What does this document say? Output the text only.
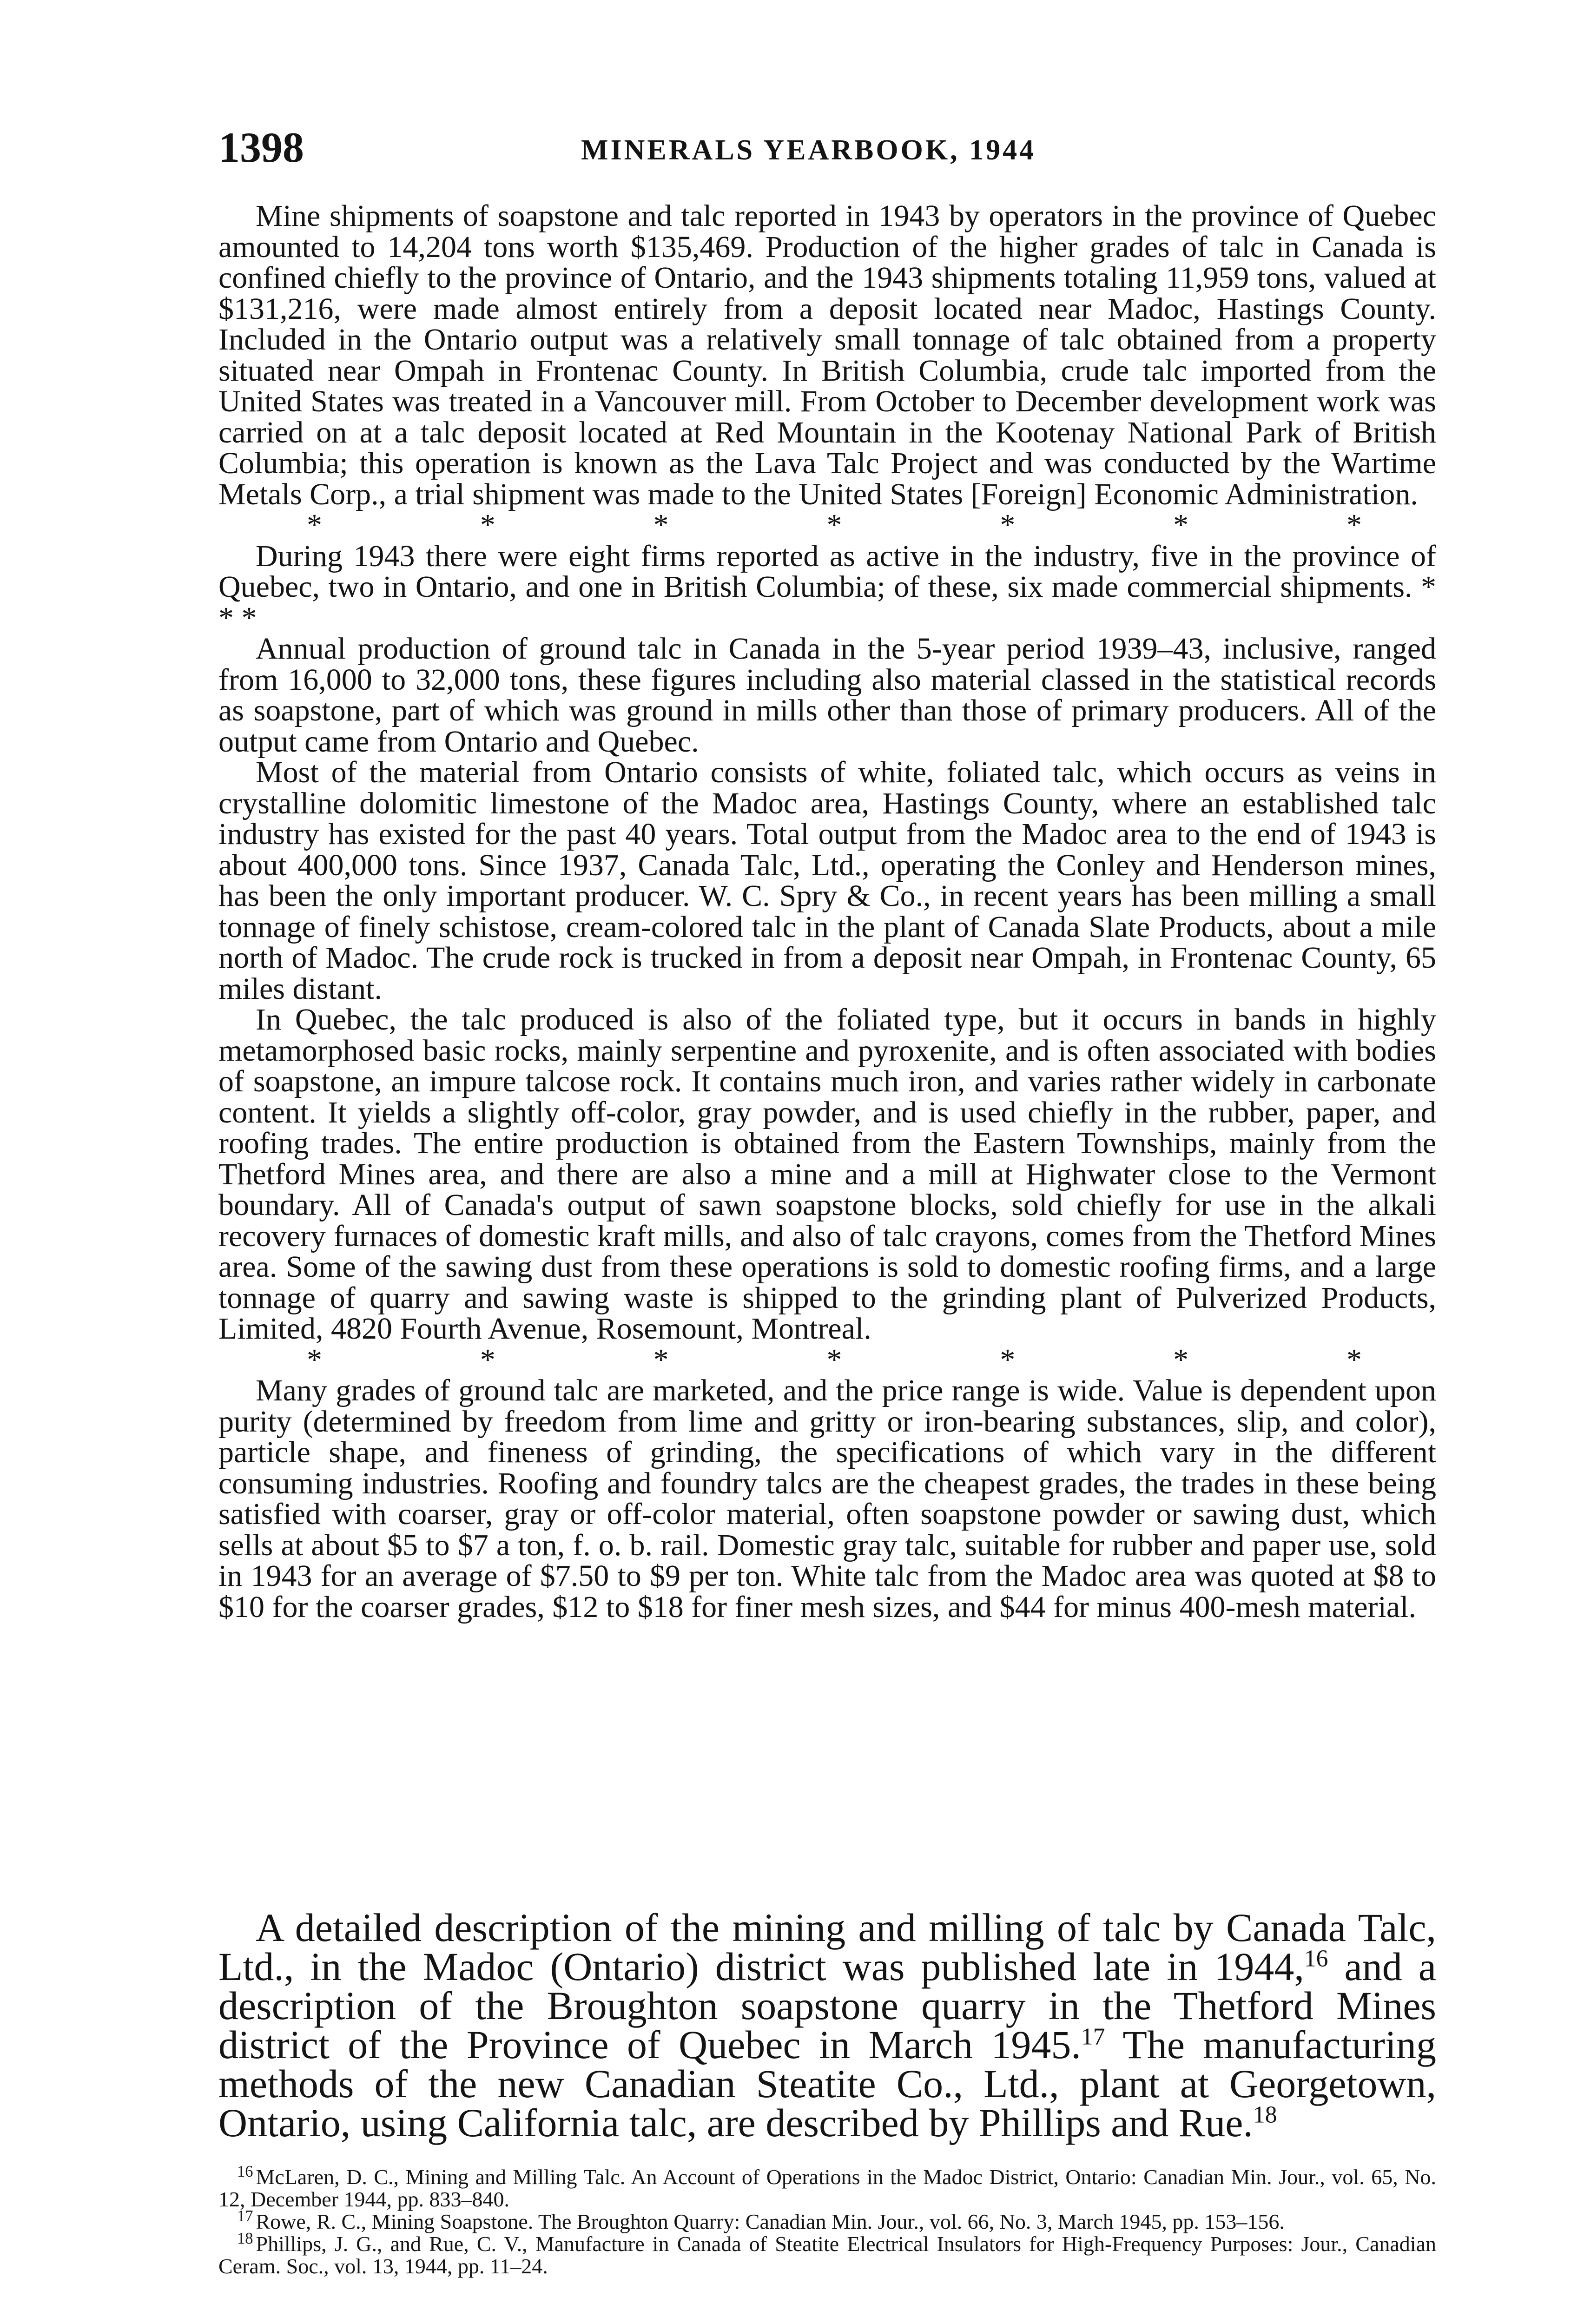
1398	MINERALS YEARBOOK, 1944

Mine shipments of soapstone and talc reported in 1943 by operators in the province of Quebec amounted to 14,204 tons worth $135,469. Production of the higher grades of talc in Canada is confined chiefly to the province of Ontario, and the 1943 shipments totaling 11,959 tons, valued at $131,216, were made almost entirely from a deposit located near Madoc, Hastings County. Included in the Ontario output was a relatively small tonnage of talc obtained from a property situated near Ompah in Frontenac County. In British Columbia, crude talc imported from the United States was treated in a Vancouver mill. From October to December development work was carried on at a talc deposit located at Red Mountain in the Kootenay National Park of British Columbia; this operation is known as the Lava Talc Project and was conducted by the Wartime Metals Corp., a trial shipment was made to the United States [Foreign] Economic Administration.

*	*	*	*	*	*	*

During 1943 there were eight firms reported as active in the industry, five in the province of Quebec, two in Ontario, and one in British Columbia; of these, six made commercial shipments. * * *

Annual production of ground talc in Canada in the 5-year period 1939–43, inclusive, ranged from 16,000 to 32,000 tons, these figures including also material classed in the statistical records as soapstone, part of which was ground in mills other than those of primary producers. All of the output came from Ontario and Quebec.

Most of the material from Ontario consists of white, foliated talc, which occurs as veins in crystalline dolomitic limestone of the Madoc area, Hastings County, where an established talc industry has existed for the past 40 years. Total output from the Madoc area to the end of 1943 is about 400,000 tons. Since 1937, Canada Talc, Ltd., operating the Conley and Henderson mines, has been the only important producer. W. C. Spry & Co., in recent years has been milling a small tonnage of finely schistose, cream-colored talc in the plant of Canada Slate Products, about a mile north of Madoc. The crude rock is trucked in from a deposit near Ompah, in Frontenac County, 65 miles distant.

In Quebec, the talc produced is also of the foliated type, but it occurs in bands in highly metamorphosed basic rocks, mainly serpentine and pyroxenite, and is often associated with bodies of soapstone, an impure talcose rock. It contains much iron, and varies rather widely in carbonate content. It yields a slightly off-color, gray powder, and is used chiefly in the rubber, paper, and roofing trades. The entire production is obtained from the Eastern Townships, mainly from the Thetford Mines area, and there are also a mine and a mill at Highwater close to the Vermont boundary. All of Canada's output of sawn soapstone blocks, sold chiefly for use in the alkali recovery furnaces of domestic kraft mills, and also of talc crayons, comes from the Thetford Mines area. Some of the sawing dust from these operations is sold to domestic roofing firms, and a large tonnage of quarry and sawing waste is shipped to the grinding plant of Pulverized Products, Limited, 4820 Fourth Avenue, Rosemount, Montreal.

*	*	*	*	*	*	*

Many grades of ground talc are marketed, and the price range is wide. Value is dependent upon purity (determined by freedom from lime and gritty or iron-bearing substances, slip, and color), particle shape, and fineness of grinding, the specifications of which vary in the different consuming industries. Roofing and foundry talcs are the cheapest grades, the trades in these being satisfied with coarser, gray or off-color material, often soapstone powder or sawing dust, which sells at about $5 to $7 a ton, f. o. b. rail. Domestic gray talc, suitable for rubber and paper use, sold in 1943 for an average of $7.50 to $9 per ton. White talc from the Madoc area was quoted at $8 to $10 for the coarser grades, $12 to $18 for finer mesh sizes, and $44 for minus 400-mesh material.

A detailed description of the mining and milling of talc by Canada Talc, Ltd., in the Madoc (Ontario) district was published late in 1944,16 and a description of the Broughton soapstone quarry in the Thetford Mines district of the Province of Quebec in March 1945.17 The manufacturing methods of the new Canadian Steatite Co., Ltd., plant at Georgetown, Ontario, using California talc, are described by Phillips and Rue.$^{18}$

$^{16}$ McLaren, D. C., Mining and Milling Talc. An Account of Operations in the Madoc District, Ontario: Canadian Min. Jour., vol. 65, No. 12, December 1944, pp. 833–840.

$^{17}$ Rowe, R. C., Mining Soapstone. The Broughton Quarry: Canadian Min. Jour., vol. 66, No. 3, March 1945, pp. 153–156.

$^{18}$ Phillips, J. G., and Rue, C. V., Manufacture in Canada of Steatite Electrical Insulators for High-Frequency Purposes: Jour., Canadian Ceram. Soc., vol. 13, 1944, pp. 11–24.
